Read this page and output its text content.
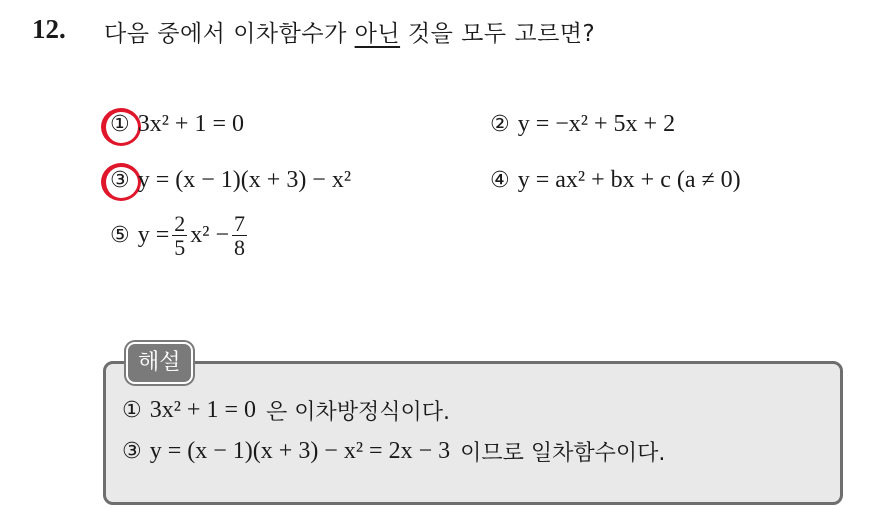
12. 다음 중에서 이차함수가 아닌 것을 모두 고르면?
① 3x² + 1 = 0	② y = −x² + 5x + 2
③ y = (x − 1)(x + 3) − x²	④ y = ax² + bx + c (a ≠ 0)
⑤ $y = \frac{2}{5} x^2 - \frac{7}{8}$
해설
① 3x² + 1 = 0 은 이차방정식이다.
③ y = (x − 1)(x + 3) − x² = 2x − 3 이므로 일차함수이다.
